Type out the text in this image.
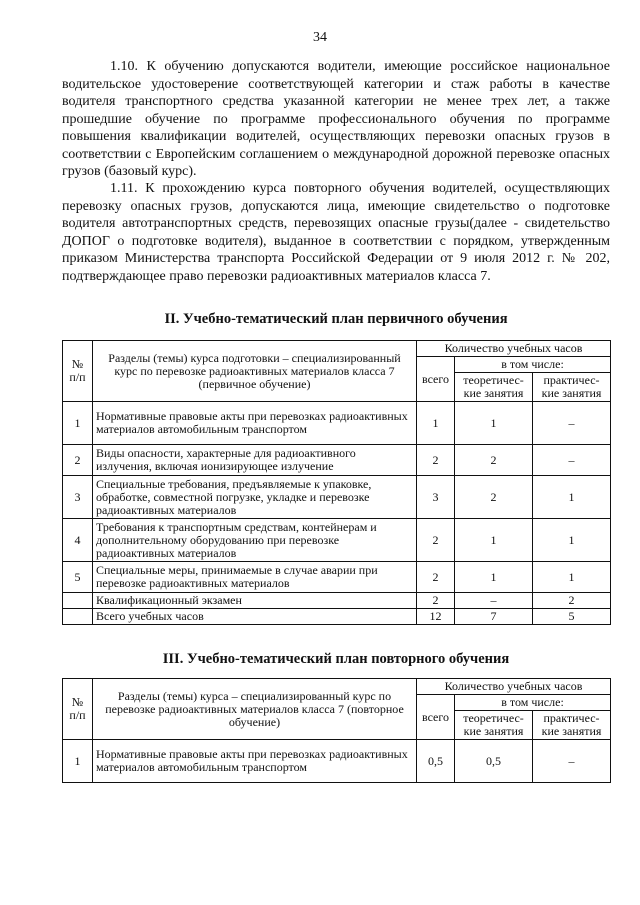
34

1.10. К обучению допускаются водители, имеющие российское национальное водительское удостоверение соответствующей категории и стаж работы в качестве водителя транспортного средства указанной категории не менее трех лет, а также прошедшие обучение по программе профессионального обучения по программе повышения квалификации водителей, осуществляющих перевозки опасных грузов в соответствии с Европейским соглашением о международной дорожной перевозке опасных грузов (базовый курс).

1.11. К прохождению курса повторного обучения водителей, осуществляющих перевозку опасных грузов, допускаются лица, имеющие свидетельство о подготовке водителя автотранспортных средств, перевозящих опасные грузы(далее - свидетельство ДОПОГ о подготовке водителя), выданное в соответствии с порядком, утвержденным приказом Министерства транспорта Российской Федерации от 9 июля 2012 г. № 202, подтверждающее право перевозки радиоактивных материалов класса 7.

II. Учебно-тематический план первичного обучения
№ п/п	Разделы (темы) курса подготовки – специализированный курс по перевозке радиоактивных материалов класса 7 (первичное обучение)	Количество учебных часов		
		всего	в том числе:	
			теоретичес-кие занятия	практичес-кие занятия
1	Нормативные правовые акты при перевозках радиоактивных материалов автомобильным транспортом	1	1	–
2	Виды опасности, характерные для радиоактивного излучения, включая ионизирующее излучение	2	2	–
3	Специальные требования, предъявляемые к упаковке, обработке, совместной погрузке, укладке и перевозке радиоактивных материалов	3	2	1
4	Требования к транспортным средствам, контейнерам и дополнительному оборудованию при перевозке радиоактивных материалов	2	1	1
5	Специальные меры, принимаемые в случае аварии при перевозке радиоактивных материалов	2	1	1
	Квалификационный экзамен	2	–	2
	Всего учебных часов	12	7	5
III. Учебно-тематический план повторного обучения
№ п/п	Разделы (темы) курса – специализированный курс по перевозке радиоактивных материалов класса 7 (повторное обучение)	Количество учебных часов		
		всего	в том числе:	
			теоретичес-кие занятия	практичес-кие занятия
1	Нормативные правовые акты при перевозках радиоактивных материалов автомобильным транспортом	0,5	0,5	–
